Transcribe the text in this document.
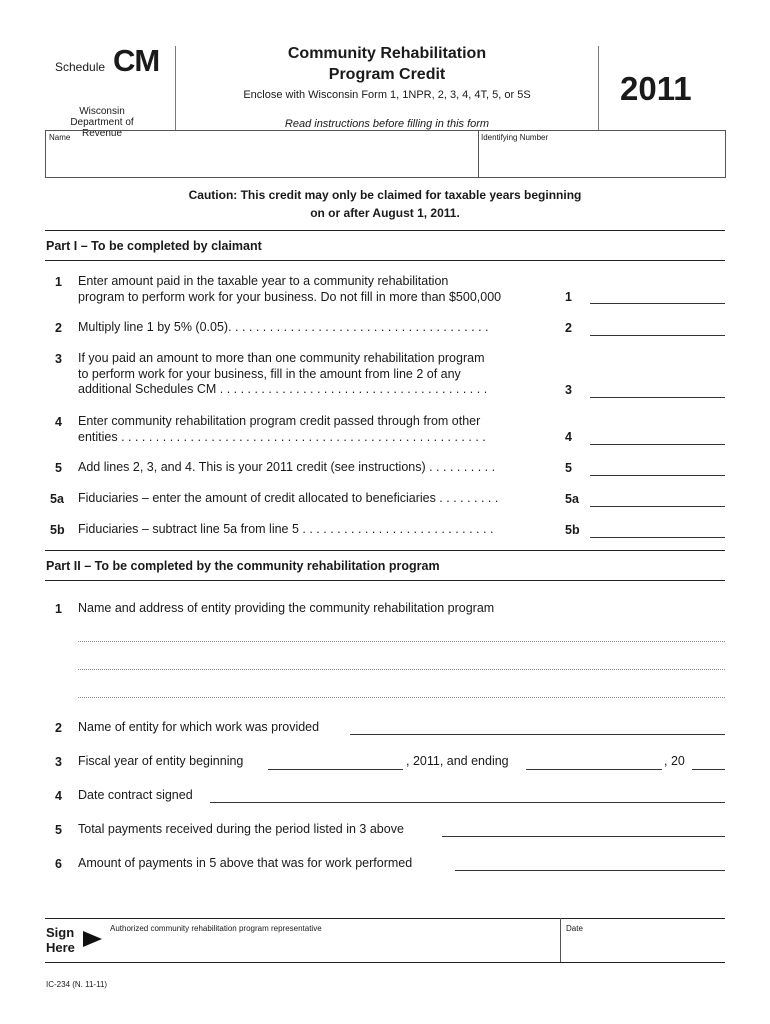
Schedule CM
Wisconsin Department of Revenue
Community Rehabilitation
Program Credit
Enclose with Wisconsin Form 1, 1NPR, 2, 3, 4, 4T, 5, or 5S
Read instructions before filling in this form
2011
Name	Identifying Number
Caution: This credit may only be claimed for taxable years beginning
on or after August 1, 2011.
Part I – To be completed by claimant
1 Enter amount paid in the taxable year to a community rehabilitation
program to perform work for your business. Do not fill in more than $500,000	1
2 Multiply line 1 by 5% (0.05). . . . . . . . . . . . . . . . . . . . . . . . . . . . . . . . . . . . . .	2
3 If you paid an amount to more than one community rehabilitation program
to perform work for your business, fill in the amount from line 2 of any
additional Schedules CM . . . . . . . . . . . . . . . . . . . . . . . . . . . . . . . . . . . . . . .	3
4 Enter community rehabilitation program credit passed through from other
entities . . . . . . . . . . . . . . . . . . . . . . . . . . . . . . . . . . . . . . . . . . . . . . . . . . . . .	4
5 Add lines 2, 3, and 4. This is your 2011 credit (see instructions) . . . . . . . . . .	5
5a	Fiduciaries – enter the amount of credit allocated to beneficiaries . . . . . . . . .	5a
5b	Fiduciaries – subtract line 5a from line 5 . . . . . . . . . . . . . . . . . . . . . . . . . . . .	5b
Part II – To be completed by the community rehabilitation program
1 Name and address of entity providing the community rehabilitation program
2 Name of entity for which work was provided
3 Fiscal year of entity beginning	, 2011, and ending	, 20
4 Date contract signed
5 Total payments received during the period listed in 3 above
6 Amount of payments in 5 above that was for work performed
Sign
Here
Authorized community rehabilitation program representative	Date
IC-234 (N. 11-11)
